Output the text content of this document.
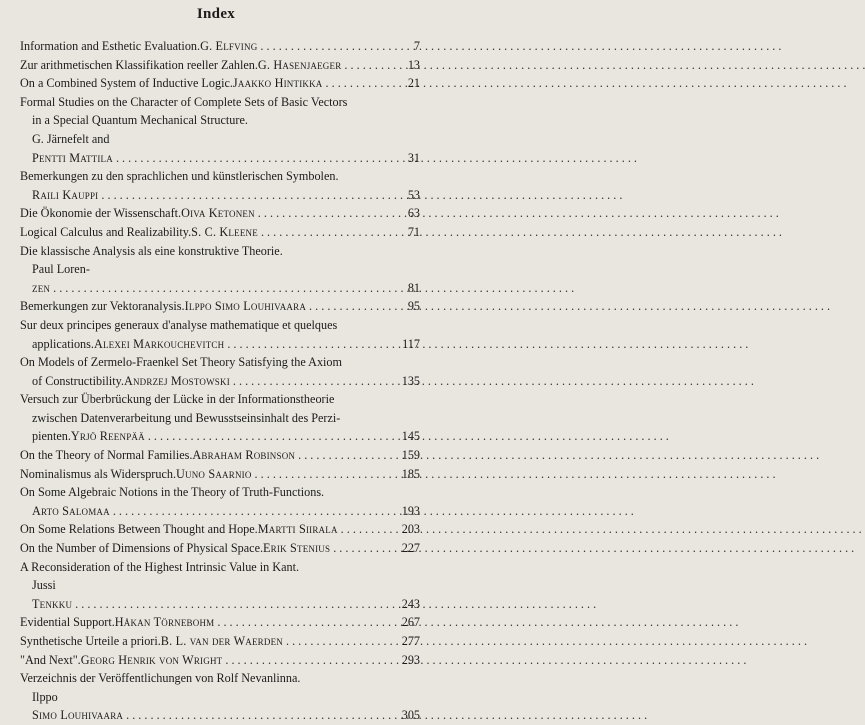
Index
Information and Esthetic Evaluation. G. Elfving . . .	7
Zur arithmetischen Klassifikation reeller Zahlen. G. Hasenjaeger . . .	13
On a Combined System of Inductive Logic. Jaakko Hintikka . . .	21
Formal Studies on the Character of Complete Sets of Basic Vectors
in a Special Quantum Mechanical Structure.
G. Järnefelt and
Pentti Mattila . . .	31
Bemerkungen zu den sprachlichen und künstlerischen Symbolen.
Raili Kauppi . . .	53
Die Ökonomie der Wissenschaft. Oiva Ketonen . . .	63
Logical Calculus and Realizability. S. C. Kleene . . .	71
Die klassische Analysis als eine konstruktive Theorie.
Paul Loren-
zen . . .	81
Bemerkungen zur Vektoranalysis. Ilppo Simo Louhivaara . . .	95
Sur deux principes generaux d'analyse mathematique et quelques
applications. Alexei Markouchevitch . . .	117
On Models of Zermelo-Fraenkel Set Theory Satisfying the Axiom
of Constructibility. Andrzej Mostowski . . .	135
Versuch zur Überbrückung der Lücke in der Informationstheorie
zwischen Datenverarbeitung und Bewusstseinsinhalt des Perzi-
pienten. Yrjö Reenpää . . .	145
On the Theory of Normal Families. Abraham Robinson . . .	159
Nominalismus als Widerspruch. Uuno Saarnio . . .	185
On Some Algebraic Notions in the Theory of Truth-Functions.
Arto Salomaa . . .	193
On Some Relations Between Thought and Hope. Martti Siirala . . .	203
On the Number of Dimensions of Physical Space. Erik Stenius . . .	227
A Reconsideration of the Highest Intrinsic Value in Kant.
Jussi
Tenkku . . .	243
Evidential Support. Håkan Törnebohm . . .	267
Synthetische Urteile a priori. B. L. van der Waerden . . .	277
"And Next". Georg Henrik von Wright . . .	293
Verzeichnis der Veröffentlichungen von Rolf Nevanlinna.
Ilppo
Simo Louhivaara . . .	305
